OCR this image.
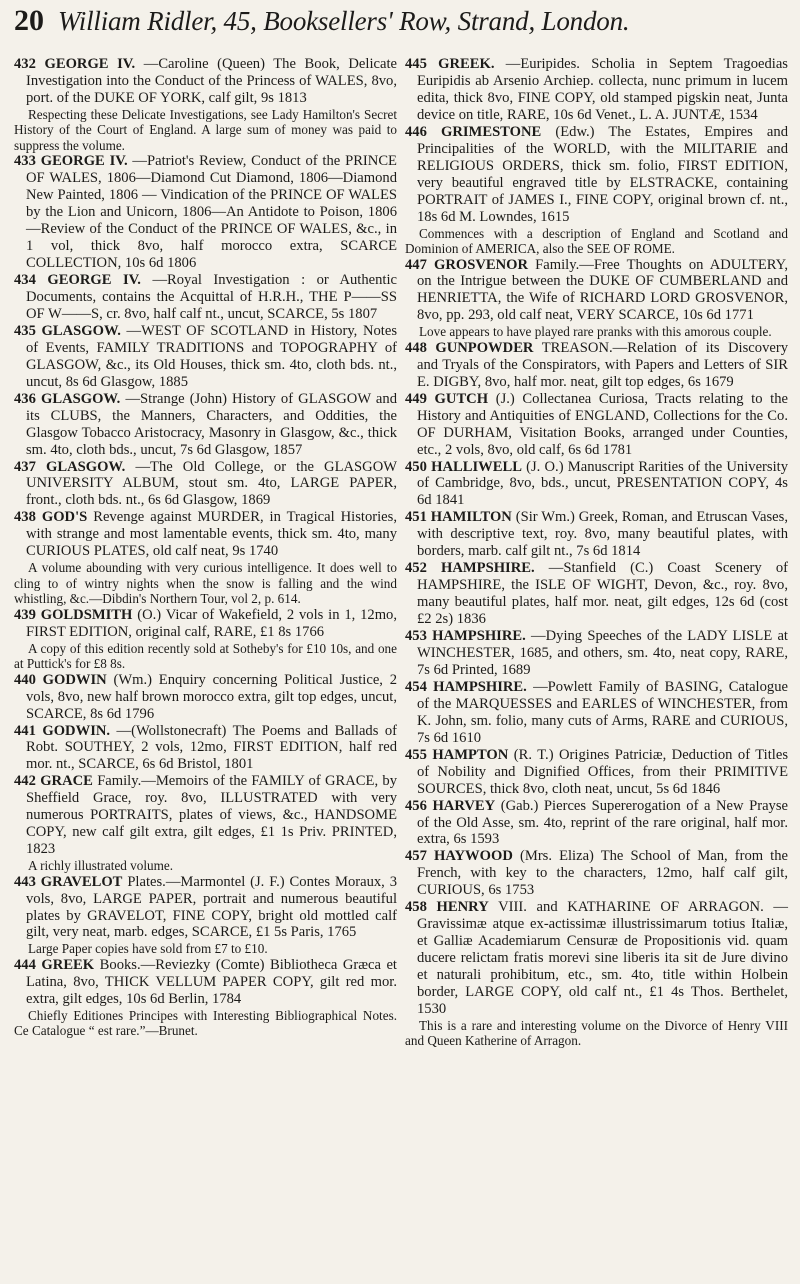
20 William Ridler, 45, Booksellers' Row, Strand, London.

432 GEORGE IV. —Caroline (Queen) The Book, Delicate Investigation into the Conduct of the Princess of WALES, 8vo, port. of the DUKE OF YORK, calf gilt, 9s 1813

Respecting these Delicate Investigations, see Lady Hamilton's Secret History of the Court of England. A large sum of money was paid to suppress the volume.

433 GEORGE IV. —Patriot's Review, Conduct of the PRINCE OF WALES, 1806—Diamond Cut Diamond, 1806—Diamond New Painted, 1806 — Vindication of the PRINCE OF WALES by the Lion and Unicorn, 1806—An Antidote to Poison, 1806—Review of the Conduct of the PRINCE OF WALES, &c., in 1 vol, thick 8vo, half morocco extra, SCARCE COLLECTION, 10s 6d 1806

434 GEORGE IV. —Royal Investigation : or Authentic Documents, contains the Acquittal of H.R.H., THE P——SS OF W——S, cr. 8vo, half calf nt., uncut, SCARCE, 5s 1807

435 GLASGOW. —WEST OF SCOTLAND in History, Notes of Events, FAMILY TRADITIONS and TOPOGRAPHY of GLASGOW, &c., its Old Houses, thick sm. 4to, cloth bds. nt., uncut, 8s 6d Glasgow, 1885

436 GLASGOW. —Strange (John) History of GLASGOW and its CLUBS, the Manners, Characters, and Oddities, the Glasgow Tobacco Aristocracy, Masonry in Glasgow, &c., thick sm. 4to, cloth bds., uncut, 7s 6d Glasgow, 1857

437 GLASGOW. —The Old College, or the GLASGOW UNIVERSITY ALBUM, stout sm. 4to, LARGE PAPER, front., cloth bds. nt., 6s 6d Glasgow, 1869

438 GOD'S Revenge against MURDER, in Tragical Histories, with strange and most lamentable events, thick sm. 4to, many CURIOUS PLATES, old calf neat, 9s 1740

A volume abounding with very curious intelligence. It does well to cling to of wintry nights when the snow is falling and the wind whistling, &c.—Dibdin's Northern Tour, vol 2, p. 614.

439 GOLDSMITH (O.) Vicar of Wakefield, 2 vols in 1, 12mo, FIRST EDITION, original calf, RARE, £1 8s 1766

A copy of this edition recently sold at Sotheby's for £10 10s, and one at Puttick's for £8 8s.

440 GODWIN (Wm.) Enquiry concerning Political Justice, 2 vols, 8vo, new half brown morocco extra, gilt top edges, uncut, SCARCE, 8s 6d 1796

441 GODWIN. —(Wollstonecraft) The Poems and Ballads of Robt. SOUTHEY, 2 vols, 12mo, FIRST EDITION, half red mor. nt., SCARCE, 6s 6d Bristol, 1801

442 GRACE Family.—Memoirs of the FAMILY of GRACE, by Sheffield Grace, roy. 8vo, ILLUSTRATED with very numerous PORTRAITS, plates of views, &c., HANDSOME COPY, new calf gilt extra, gilt edges, £1 1s Priv. PRINTED, 1823

A richly illustrated volume.

443 GRAVELOT Plates.—Marmontel (J. F.) Contes Moraux, 3 vols, 8vo, LARGE PAPER, portrait and numerous beautiful plates by GRAVELOT, FINE COPY, bright old mottled calf gilt, very neat, marb. edges, SCARCE, £1 5s Paris, 1765

Large Paper copies have sold from £7 to £10.

444 GREEK Books.—Reviezky (Comte) Bibliotheca Græca et Latina, 8vo, THICK VELLUM PAPER COPY, gilt red mor. extra, gilt edges, 10s 6d Berlin, 1784

Chiefly Editiones Principes with Interesting Bibliographical Notes. Ce Catalogue “ est rare.”—Brunet.

445 GREEK. —Euripides. Scholia in Septem Tragoedias Euripidis ab Arsenio Archiep. collecta, nunc primum in lucem edita, thick 8vo, FINE COPY, old stamped pigskin neat, Junta device on title, RARE, 10s 6d Venet., L. A. JUNTÆ, 1534

446 GRIMESTONE (Edw.) The Estates, Empires and Principalities of the WORLD, with the MILITARIE and RELIGIOUS ORDERS, thick sm. folio, FIRST EDITION, very beautiful engraved title by ELSTRACKE, containing PORTRAIT of JAMES I., FINE COPY, original brown cf. nt., 18s 6d M. Lowndes, 1615

Commences with a description of England and Scotland and Dominion of AMERICA, also the SEE OF ROME.

447 GROSVENOR Family.—Free Thoughts on ADULTERY, on the Intrigue between the DUKE OF CUMBERLAND and HENRIETTA, the Wife of RICHARD LORD GROSVENOR, 8vo, pp. 293, old calf neat, VERY SCARCE, 10s 6d 1771

Love appears to have played rare pranks with this amorous couple.

448 GUNPOWDER TREASON.—Relation of its Discovery and Tryals of the Conspirators, with Papers and Letters of SIR E. DIGBY, 8vo, half mor. neat, gilt top edges, 6s 1679

449 GUTCH (J.) Collectanea Curiosa, Tracts relating to the History and Antiquities of ENGLAND, Collections for the Co. OF DURHAM, Visitation Books, arranged under Counties, etc., 2 vols, 8vo, old calf, 6s 6d 1781

450 HALLIWELL (J. O.) Manuscript Rarities of the University of Cambridge, 8vo, bds., uncut, PRESENTATION COPY, 4s 6d 1841

451 HAMILTON (Sir Wm.) Greek, Roman, and Etruscan Vases, with descriptive text, roy. 8vo, many beautiful plates, with borders, marb. calf gilt nt., 7s 6d 1814

452 HAMPSHIRE. —Stanfield (C.) Coast Scenery of HAMPSHIRE, the ISLE OF WIGHT, Devon, &c., roy. 8vo, many beautiful plates, half mor. neat, gilt edges, 12s 6d (cost £2 2s) 1836

453 HAMPSHIRE. —Dying Speeches of the LADY LISLE at WINCHESTER, 1685, and others, sm. 4to, neat copy, RARE, 7s 6d Printed, 1689

454 HAMPSHIRE. —Powlett Family of BASING, Catalogue of the MARQUESSES and EARLES of WINCHESTER, from K. John, sm. folio, many cuts of Arms, RARE and CURIOUS, 7s 6d 1610

455 HAMPTON (R. T.) Origines Patriciæ, Deduction of Titles of Nobility and Dignified Offices, from their PRIMITIVE SOURCES, thick 8vo, cloth neat, uncut, 5s 6d 1846

456 HARVEY (Gab.) Pierces Supererogation of a New Prayse of the Old Asse, sm. 4to, reprint of the rare original, half mor. extra, 6s 1593

457 HAYWOOD (Mrs. Eliza) The School of Man, from the French, with key to the characters, 12mo, half calf gilt, CURIOUS, 6s 1753

458 HENRY VIII. and KATHARINE OF ARRAGON. —Gravissimæ atque ex-actissimæ illustrissimarum totius Italiæ, et Galliæ Academiarum Censuræ de Propositionis vid. quam ducere relictam fratis morevi sine liberis ita sit de Jure divino et naturali prohibitum, etc., sm. 4to, title within Holbein border, LARGE COPY, old calf nt., £1 4s Thos. Berthelet, 1530

This is a rare and interesting volume on the Divorce of Henry VIII and Queen Katherine of Arragon.
